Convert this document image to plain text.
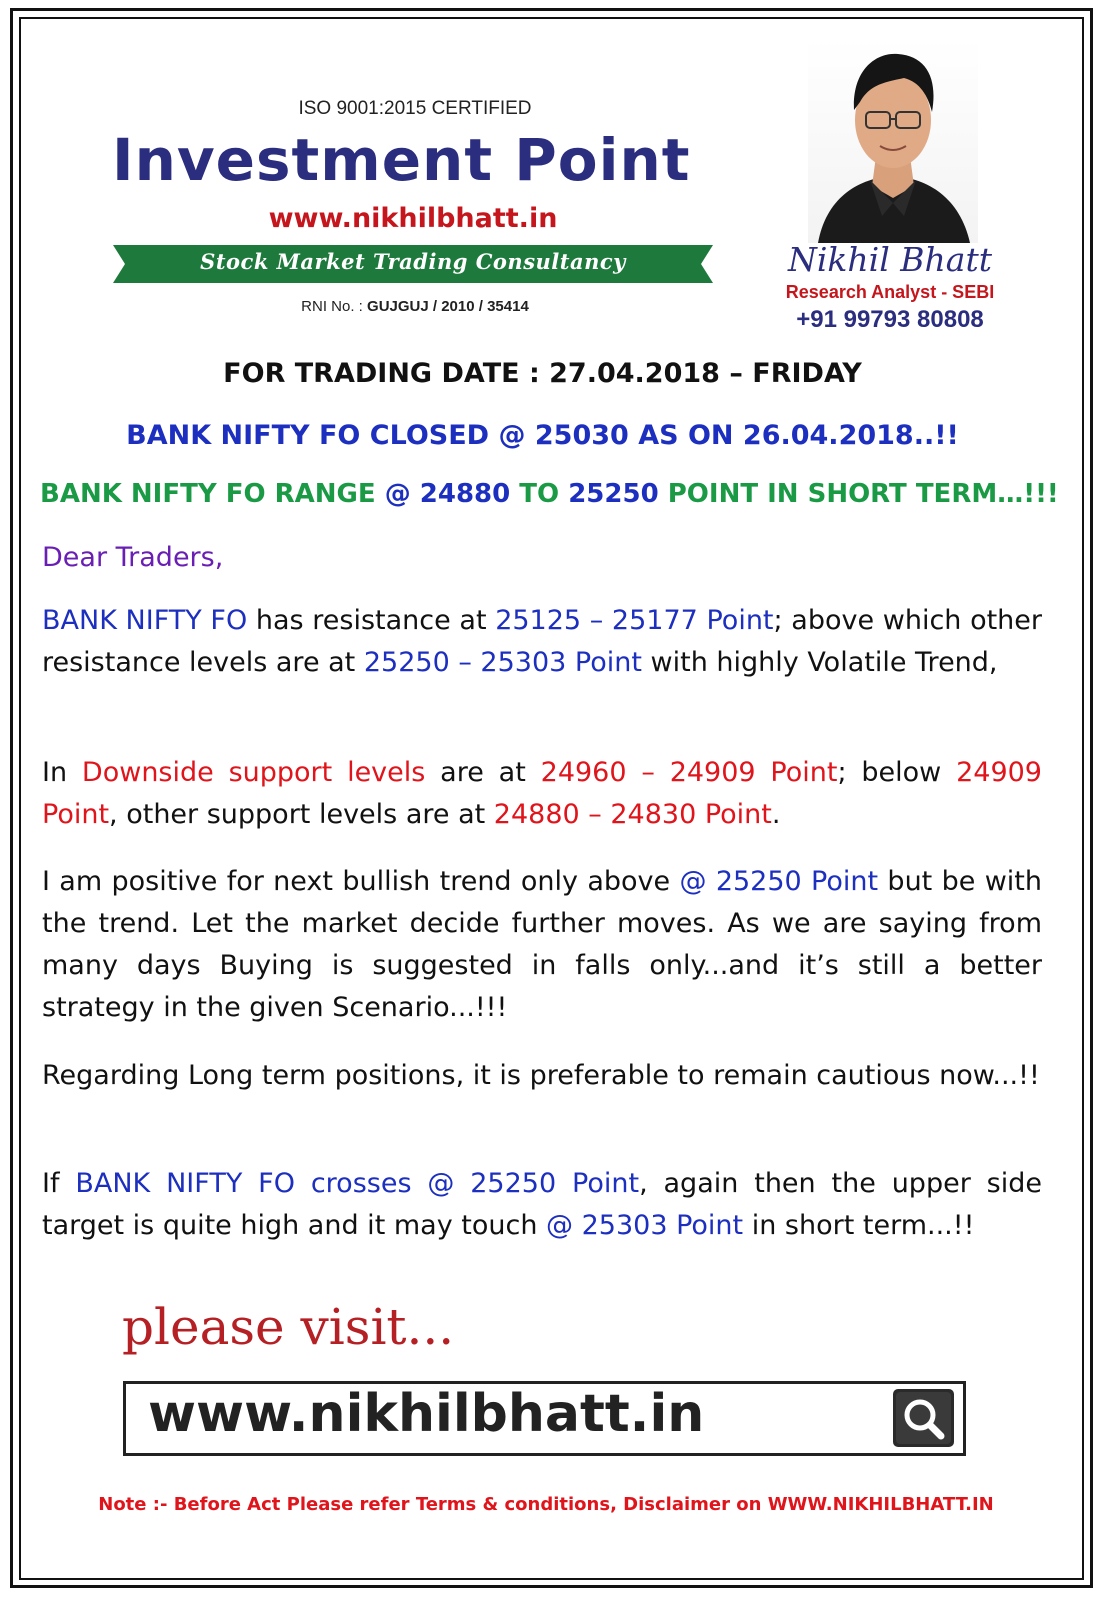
ISO 9001:2015 CERTIFIED
Investment Point
www.nikhilbhatt.in
Stock Market Trading Consultancy
RNI No. : GUJGUJ / 2010 / 35414
Nikhil Bhatt
Research Analyst - SEBI
+91 99793 80808
FOR TRADING DATE : 27.04.2018 – FRIDAY
BANK NIFTY FO CLOSED @ 25030 AS ON 26.04.2018..!!
BANK NIFTY FO RANGE @ 24880 TO 25250 POINT IN SHORT TERM…!!!
Dear Traders,
BANK NIFTY FO has resistance at 25125 – 25177 Point; above which other resistance levels are at 25250 – 25303 Point with highly Volatile Trend,
In Downside support levels are at 24960 – 24909 Point; below 24909 Point, other support levels are at 24880 – 24830 Point.
I am positive for next bullish trend only above @ 25250 Point but be with the trend. Let the market decide further moves. As we are saying from many days Buying is suggested in falls only...and it’s still a better strategy in the given Scenario...!!!
Regarding Long term positions, it is preferable to remain cautious now...!!
If BANK NIFTY FO crosses @ 25250 Point, again then the upper side target is quite high and it may touch @ 25303 Point in short term...!!
please visit...
www.nikhilbhatt.in
Note :- Before Act Please refer Terms & conditions, Disclaimer on WWW.NIKHILBHATT.IN
